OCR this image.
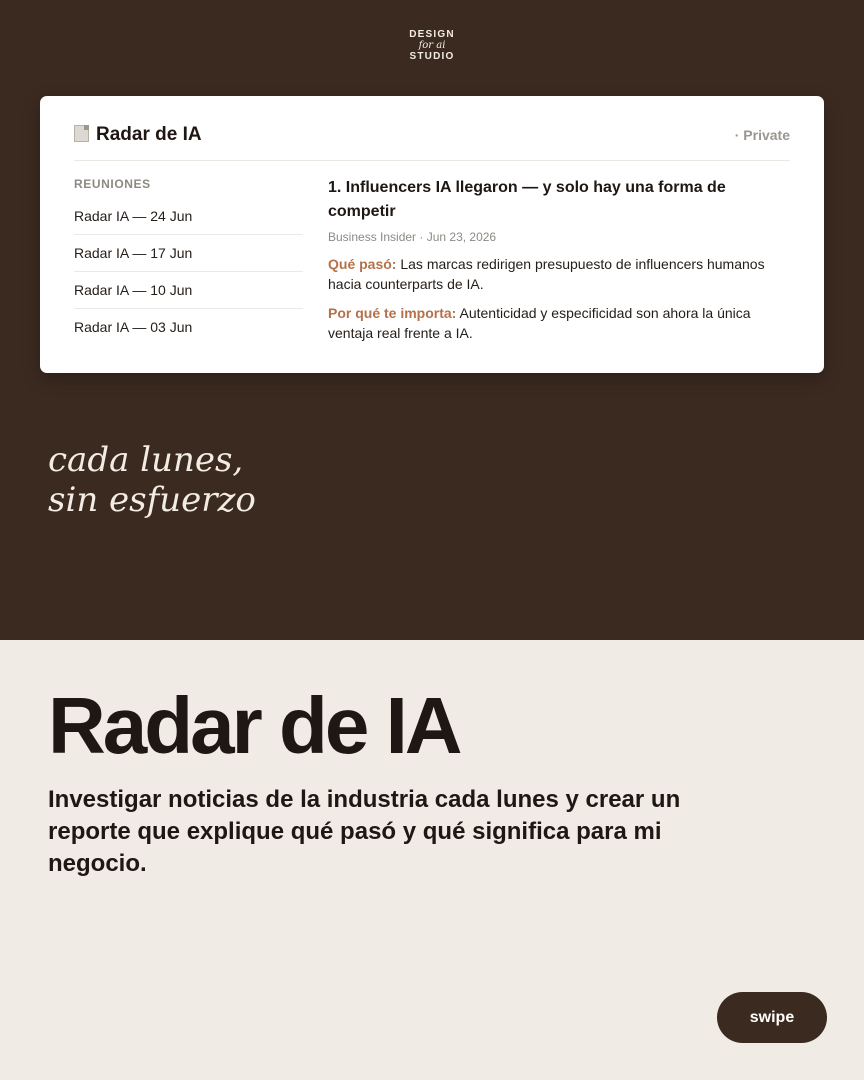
DESIGN
for ai
STUDIO
Radar de IA	· Private
REUNIONES
Radar IA — 24 Jun
Radar IA — 17 Jun
Radar IA — 10 Jun
Radar IA — 03 Jun
1. Influencers IA llegaron — y solo hay una forma de competir
Business Insider · Jun 23, 2026

Qué pasó: Las marcas redirigen presupuesto de influencers humanos hacia counterparts de IA.

Por qué te importa: Autenticidad y especificidad son ahora la única ventaja real frente a IA.

cada lunes,
sin esfuerzo
Radar de IA
Investigar noticias de la industria cada lunes y crear un reporte que explique qué pasó y qué significa para mi negocio.
swipe
